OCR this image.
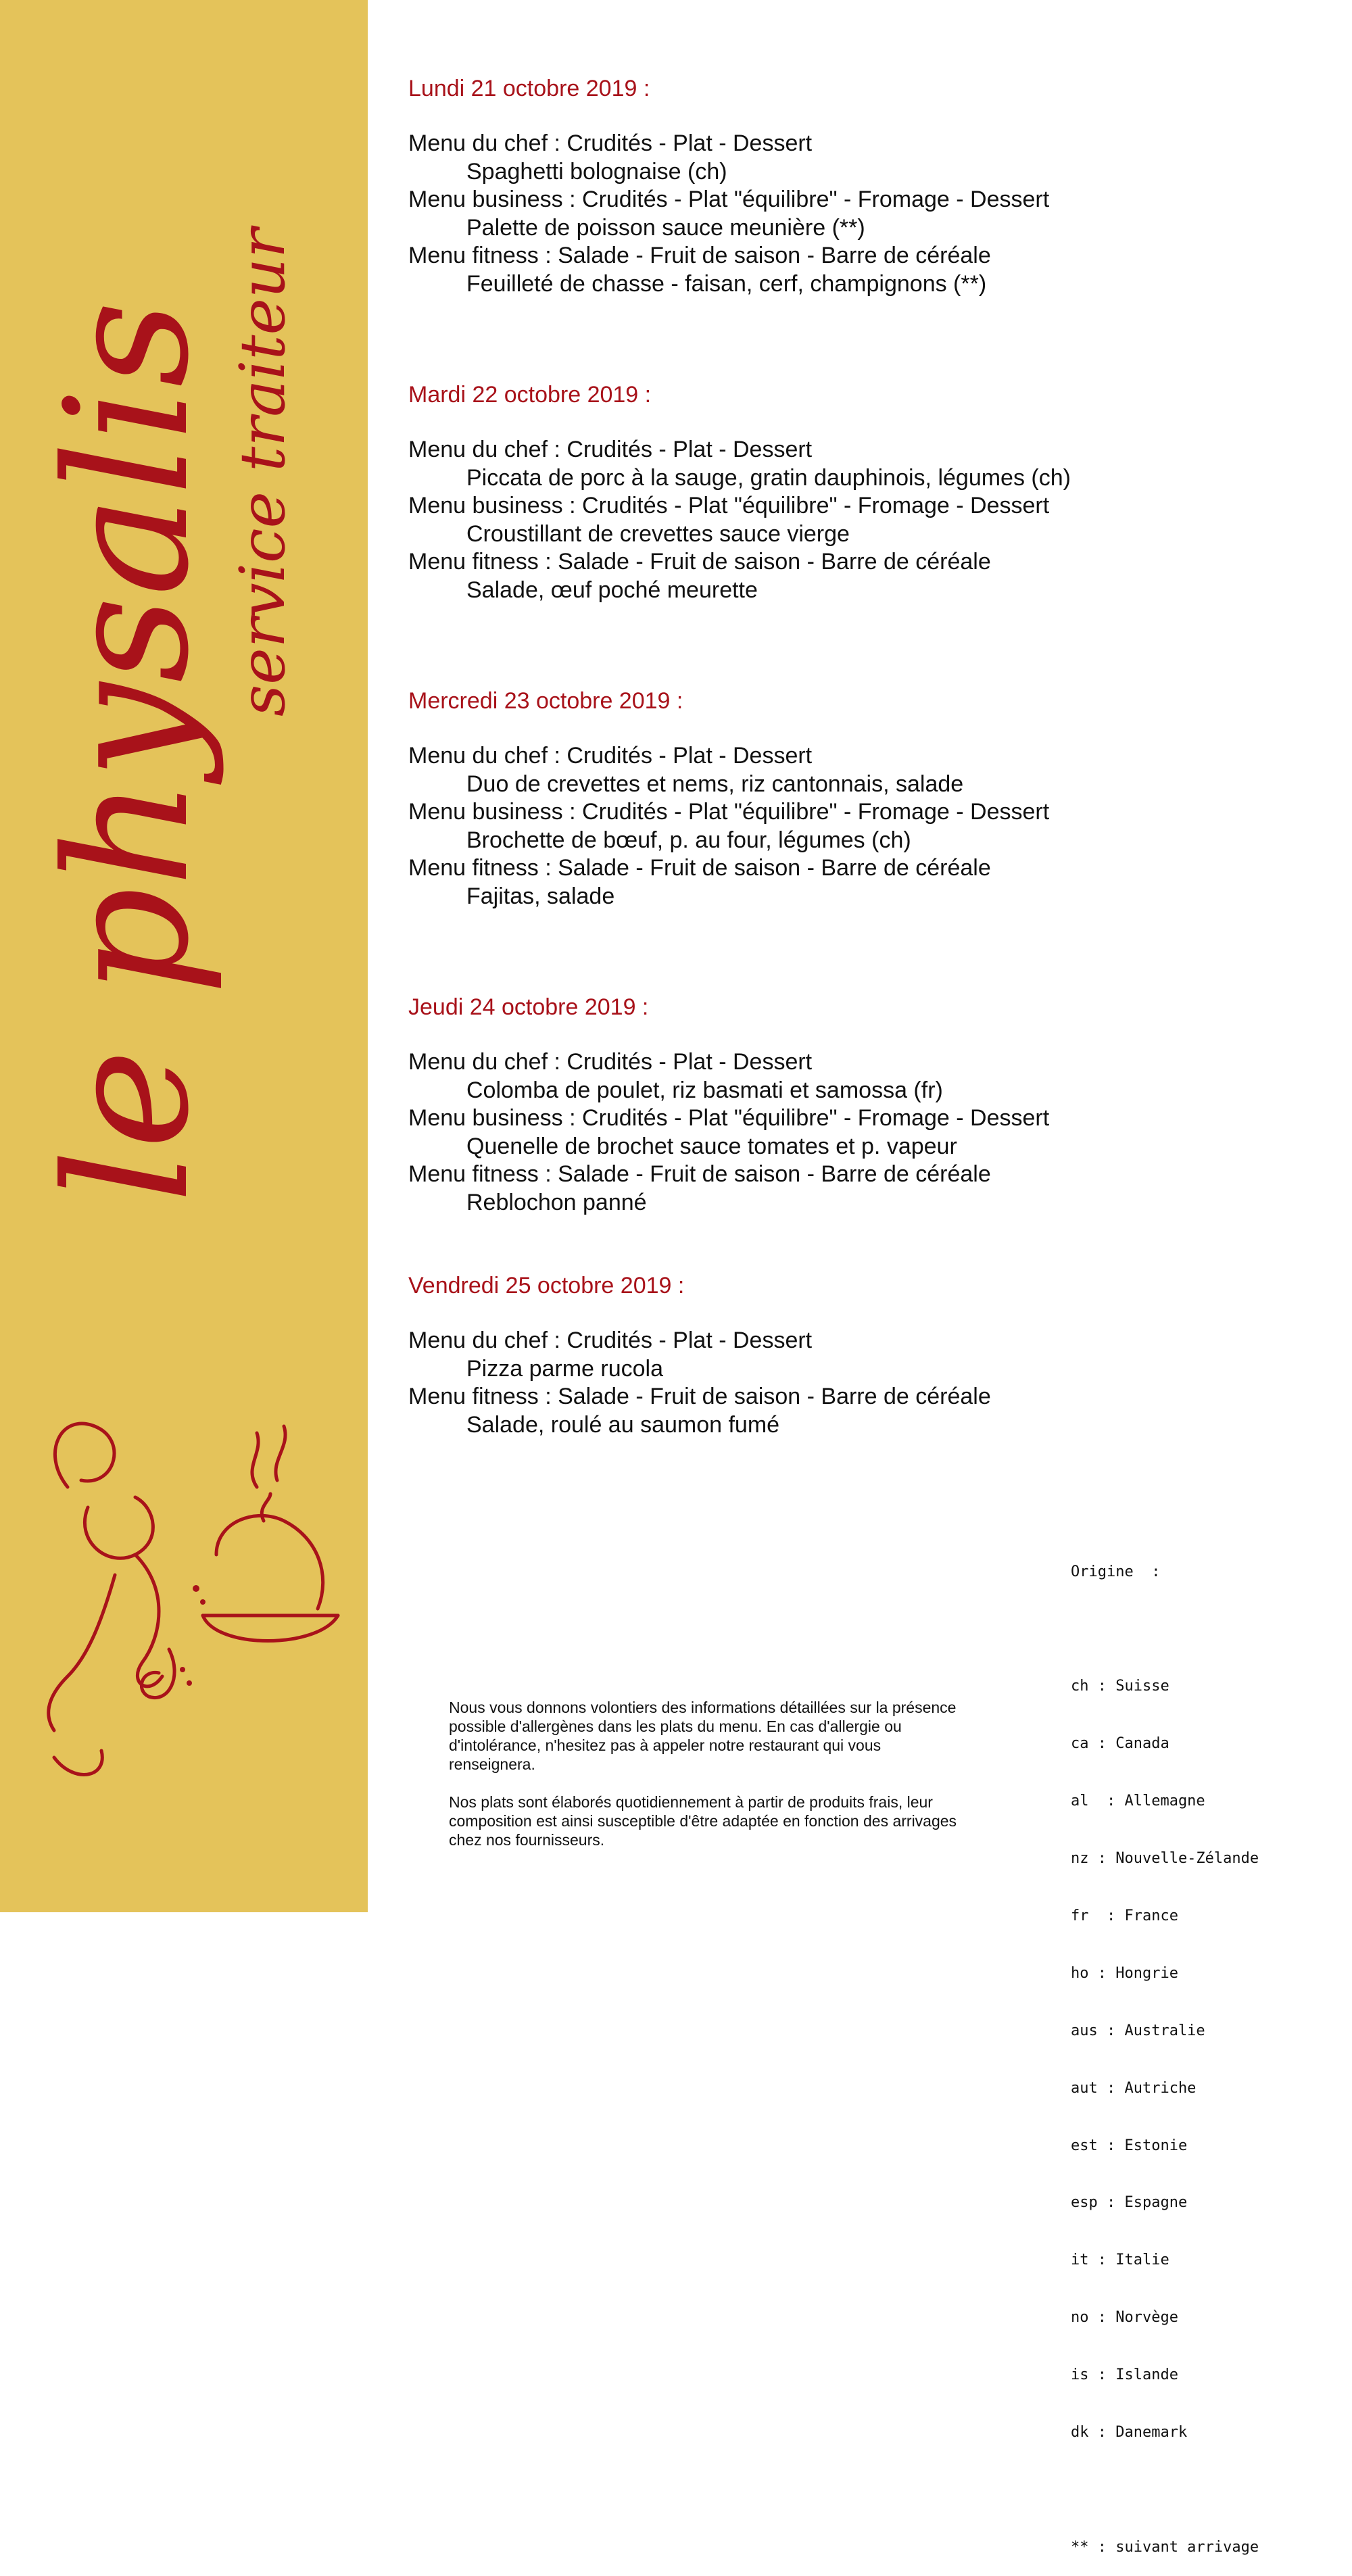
le physalis service traiteur
Lundi 21 octobre 2019 :
Menu du chef : Crudités - Plat - Dessert
Spaghetti bolognaise (ch)
Menu business : Crudités - Plat "équilibre" - Fromage - Dessert
Palette de poisson sauce meunière (**)
Menu fitness : Salade - Fruit de saison - Barre de céréale
Feuilleté de chasse - faisan, cerf, champignons (**)
Mardi 22 octobre 2019 :
Menu du chef : Crudités - Plat - Dessert
Piccata de porc à la sauge, gratin dauphinois, légumes (ch)
Menu business : Crudités - Plat "équilibre" - Fromage - Dessert
Croustillant de crevettes sauce vierge
Menu fitness : Salade - Fruit de saison - Barre de céréale
Salade, œuf poché meurette
Mercredi 23 octobre 2019 :
Menu du chef : Crudités - Plat - Dessert
Duo de crevettes et nems, riz cantonnais, salade
Menu business : Crudités - Plat "équilibre" - Fromage - Dessert
Brochette de bœuf, p. au four, légumes (ch)
Menu fitness : Salade - Fruit de saison - Barre de céréale
Fajitas, salade
Jeudi 24 octobre 2019 :
Menu du chef : Crudités - Plat - Dessert
Colomba de poulet, riz basmati et samossa (fr)
Menu business : Crudités - Plat "équilibre" - Fromage - Dessert
Quenelle de brochet sauce tomates et p. vapeur
Menu fitness : Salade - Fruit de saison - Barre de céréale
Reblochon panné
Vendredi 25 octobre 2019 :
Menu du chef : Crudités - Plat - Dessert
Pizza parme rucola
Menu fitness : Salade - Fruit de saison - Barre de céréale
Salade, roulé au saumon fumé

Origine  :

ch : Suisse

ca : Canada

al  : Allemagne

nz : Nouvelle-Zélande

fr  : France

ho : Hongrie

aus : Australie

aut : Autriche

est : Estonie

esp : Espagne

it : Italie

no : Norvège

is : Islande

dk : Danemark

** : suivant arrivage

Nous vous donnons volontiers des informations détaillées sur la présence possible d'allergènes dans les plats du menu. En cas d'allergie ou d'intolérance, n'hesitez pas à appeler notre restaurant qui vous renseignera.

Nos plats sont élaborés quotidiennement à partir de produits frais, leur composition est ainsi susceptible d'être adaptée en fonction des arrivages chez nos fournisseurs.
